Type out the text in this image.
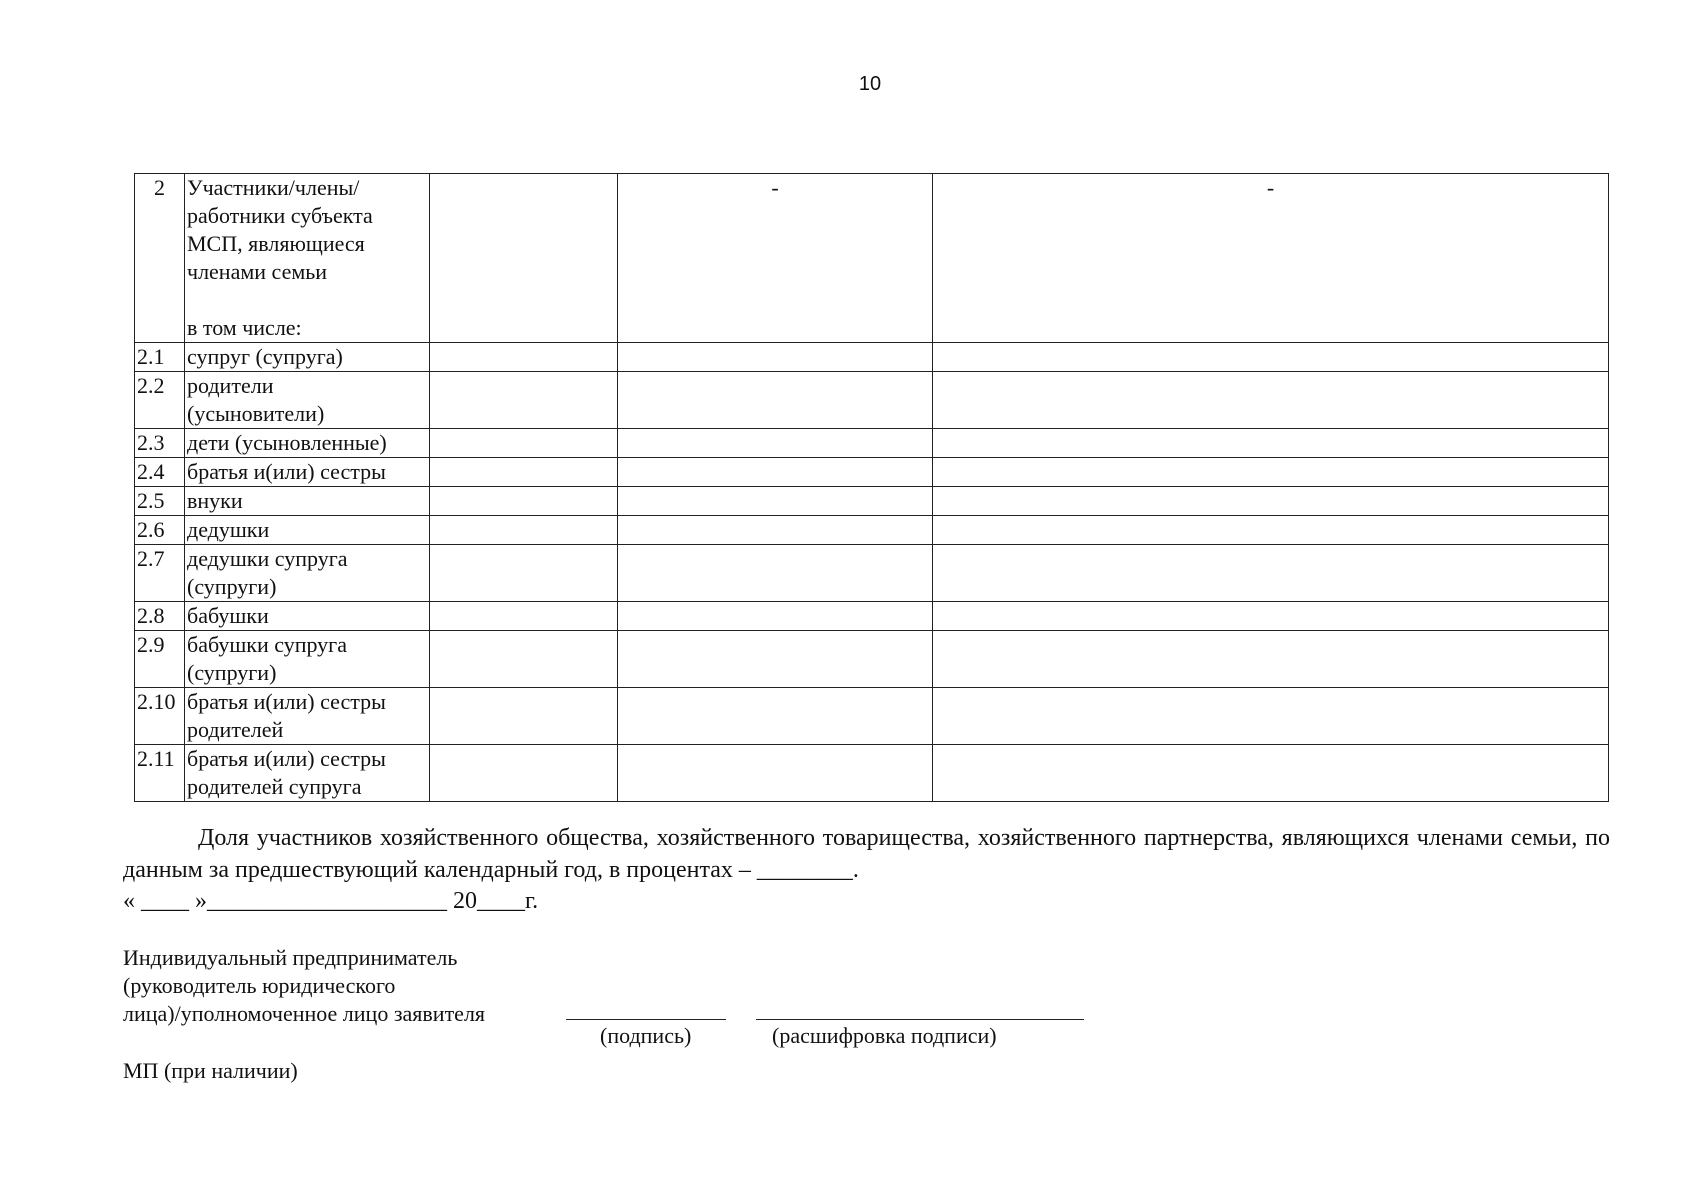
10
2	Участники/члены/
работники субъекта
МСП, являющиеся
членами семьи
в том числе:		-	-
2.1	супруг (супруга)			

2.2	родители
(усыновители)			

2.3	дети (усыновленные)			

2.4	братья и(или) сестры			

2.5	внуки			

2.6	дедушки			

2.7	дедушки супруга
(супруги)			

2.8	бабушки			

2.9	бабушки супруга
(супруги)			

2.10	братья и(или) сестры
родителей			

2.11	братья и(или) сестры
родителей супруга			

Доля участников хозяйственного общества, хозяйственного товарищества, хозяйственного партнерства, являющихся членами семьи, по данным за предшествующий календарный год, в процентах – ________.
« ____ »____________________ 20____г.
Индивидуальный предприниматель
(руководитель юридического
лица)/уполномоченное лицо заявителя
(подпись)	(расшифровка подписи)
МП (при наличии)
